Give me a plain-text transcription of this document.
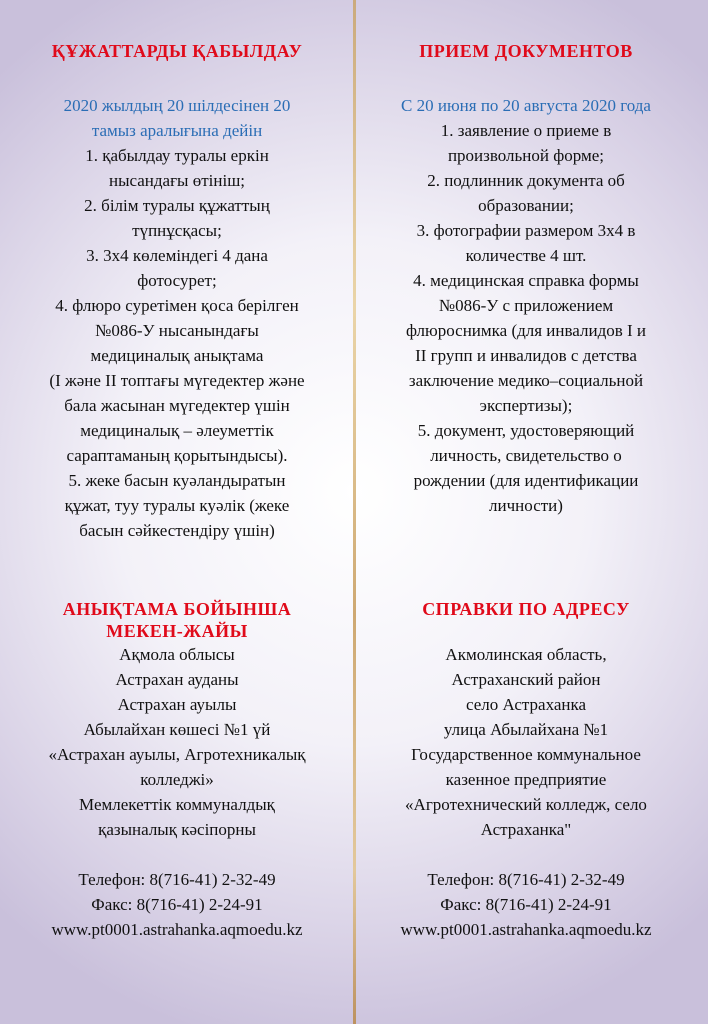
ҚҰЖАТТАРДЫ ҚАБЫЛДАУ
2020 жылдың 20 шілдесінен 20
тамыз аралығына дейін
1. қабылдау туралы еркін
нысандағы өтініш;
2. білім туралы құжаттың
түпнұсқасы;
3. 3х4 көлеміндегі 4 дана
фотосурет;
4. флюро суретімен қоса берілген
№086-У нысанындағы
медициналық анықтама
(І және ІІ топтағы мүгедектер және
бала жасынан мүгедектер үшін
медициналық – әлеуметтік
сараптаманың қорытындысы).
5. жеке басын куәландыратын
құжат, туу туралы куәлік (жеке
басын сәйкестендіру үшін)
ПРИЕМ ДОКУМЕНТОВ
С 20 июня по 20 августа 2020 года
1. заявление о приеме в
произвольной форме;
2. подлинник документа об
образовании;
3. фотографии размером 3х4 в
количестве 4 шт.
4. медицинская справка формы
№086-У с приложением
флюроснимка (для инвалидов І и
ІІ групп и инвалидов с детства
заключение медико–социальной
экспертизы);
5. документ, удостоверяющий
личность, свидетельство о
рождении (для идентификации
личности)
АНЫҚТАМА БОЙЫНША
МЕКЕН-ЖАЙЫ
Ақмола облысы
Астрахан ауданы
Астрахан ауылы
Абылайхан көшесі №1 үй
«Астрахан ауылы, Агротехникалық
колледжі»
Мемлекеттік коммуналдық
қазыналық кәсіпорны
Телефон: 8(716-41) 2-32-49
Факс: 8(716-41) 2-24-91
www.pt0001.astrahanka.aqmoedu.kz
СПРАВКИ ПО АДРЕСУ
Акмолинская область,
Астраханский район
село Астраханка
улица Абылайхана №1
Государственное коммунальное
казенное предприятие
«Агротехнический колледж, село
Астраханка"
Телефон: 8(716-41) 2-32-49
Факс: 8(716-41) 2-24-91
www.pt0001.astrahanka.aqmoedu.kz
